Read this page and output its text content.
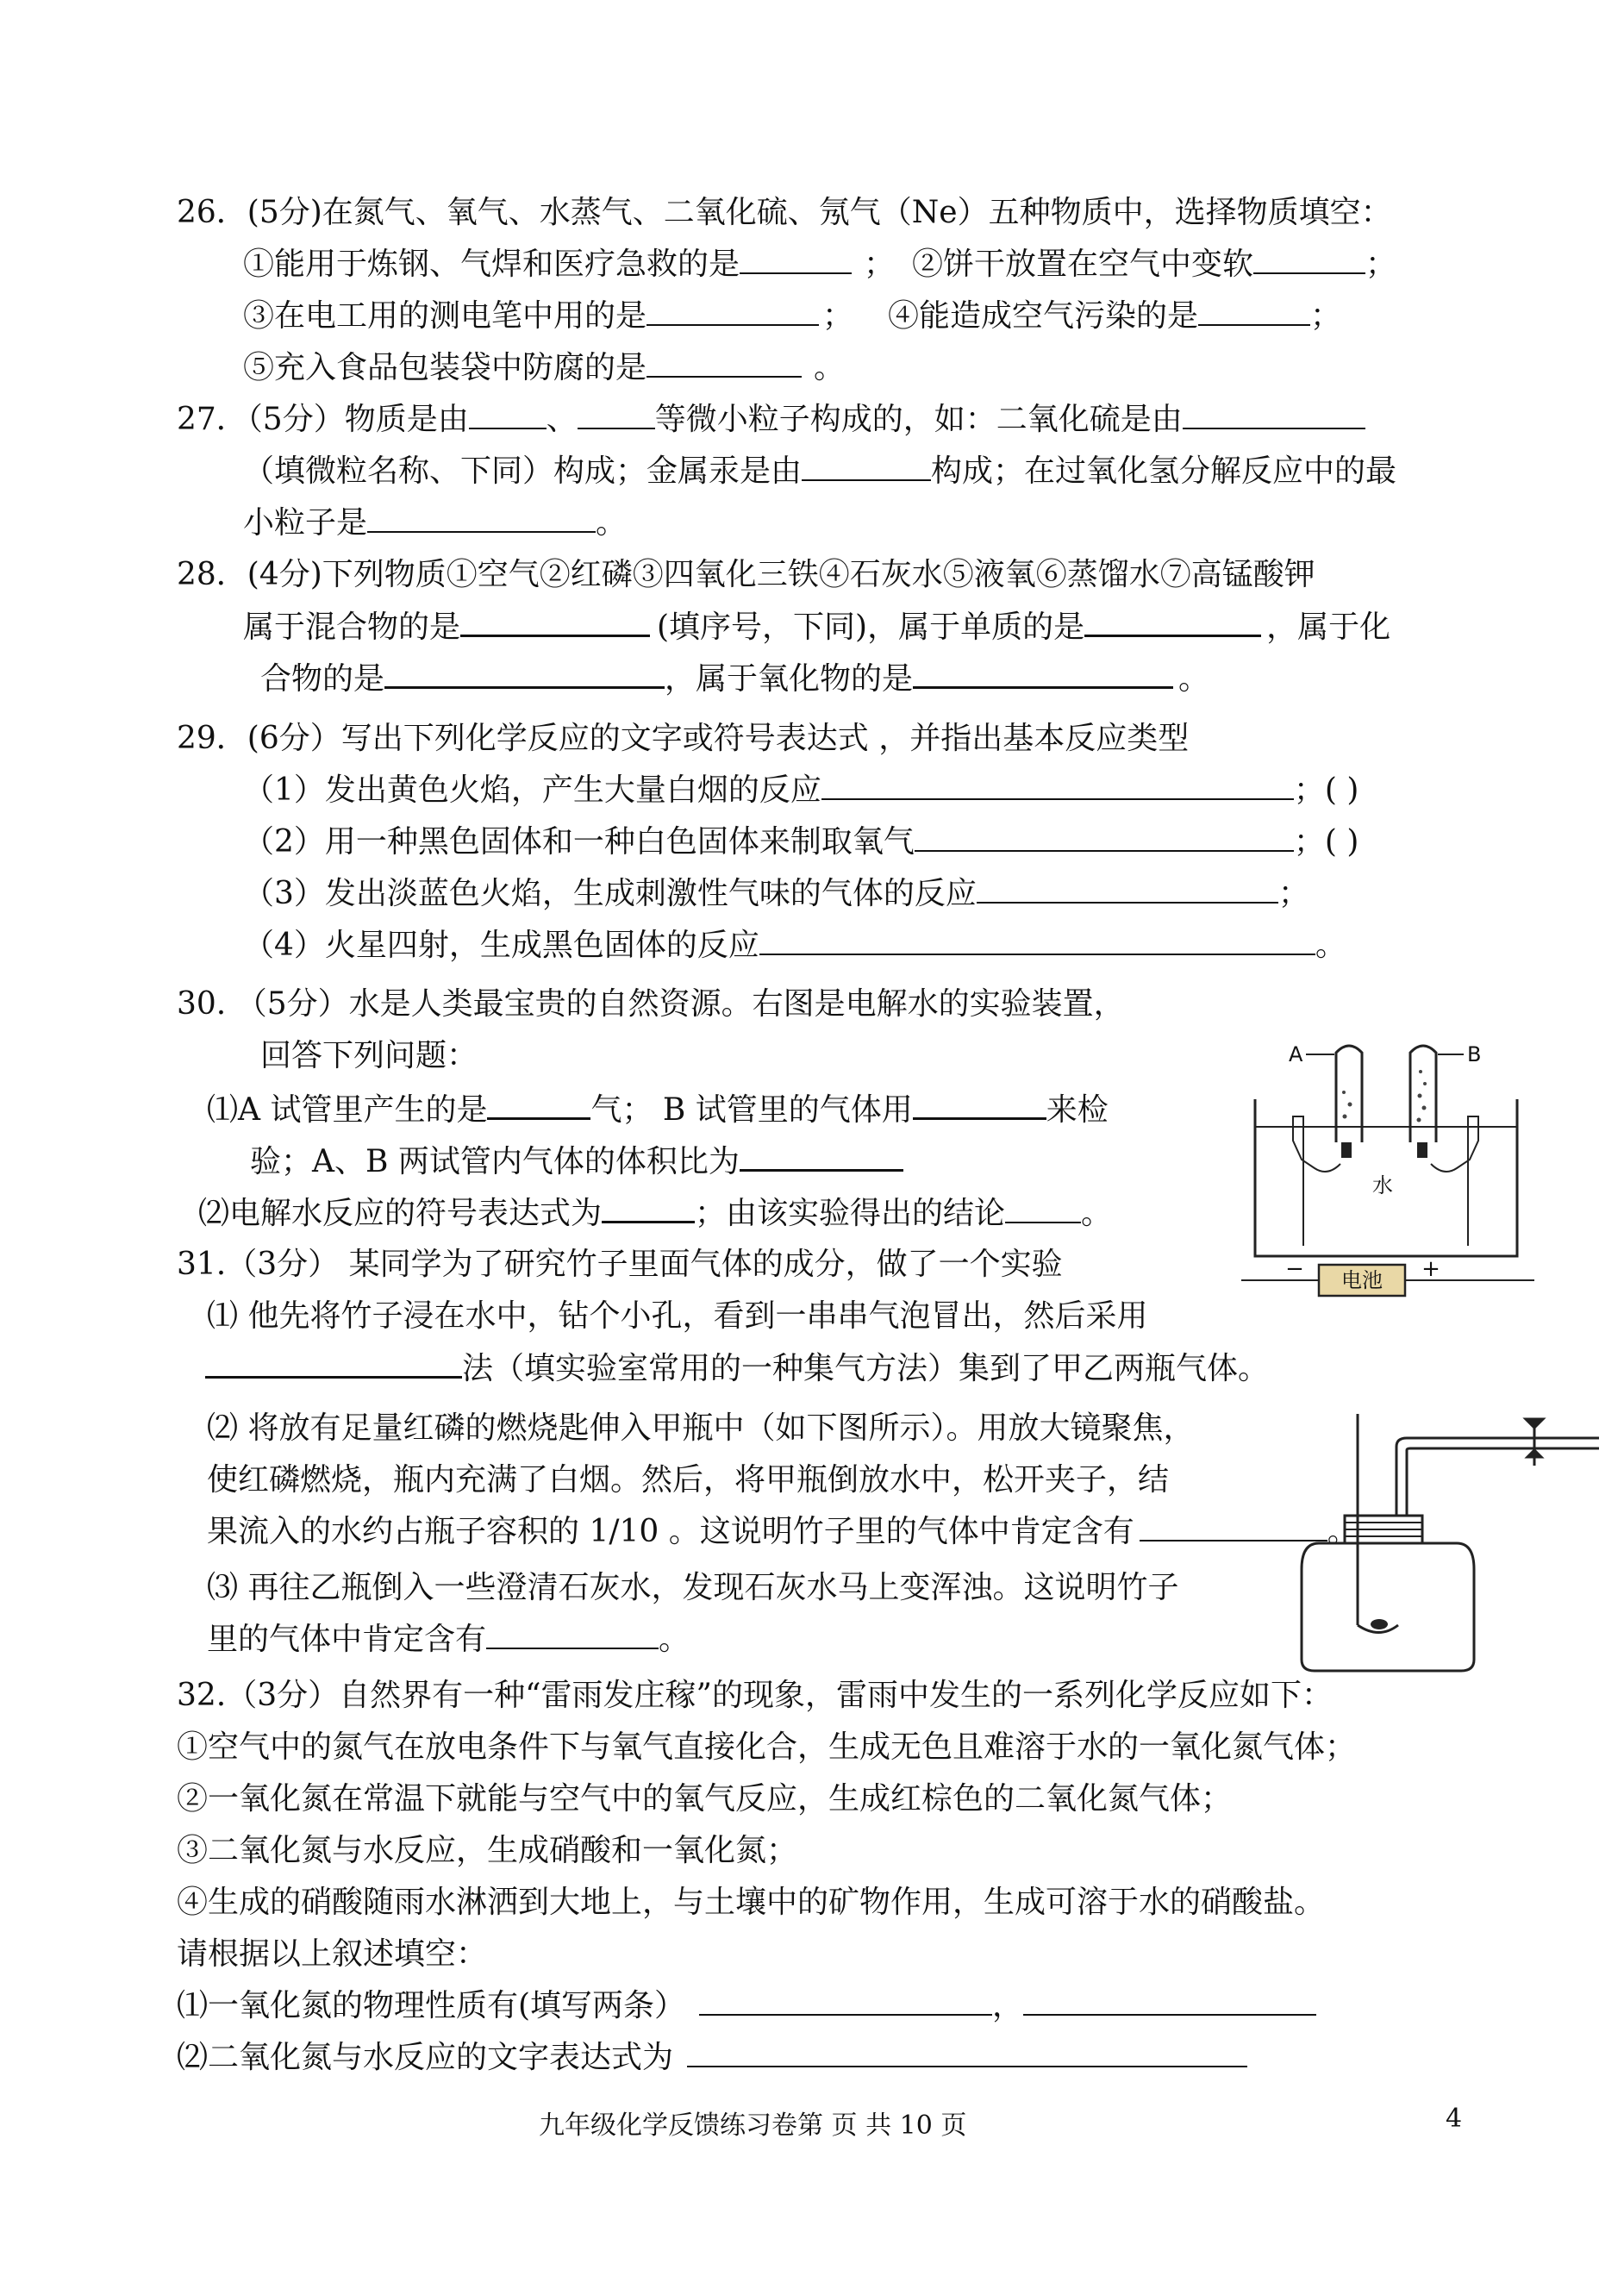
26．(5分)在氮气、氧气、水蒸气、二氧化硫、氖气（Ne）五种物质中，选择物质填空：
①能用于炼钢、气焊和医疗急救的是	； ②饼干放置在空气中变软	；
③在电工用的测电笔中用的是	； ④能造成空气污染的是	；
⑤充入食品包装袋中防腐的是	。
27．（5分）物质是由	、	等微小粒子构成的，如：二氧化硫是由
（填微粒名称、下同）构成；金属汞是由	构成；在过氧化氢分解反应中的最
小粒子是	。
28．(4分)下列物质①空气②红磷③四氧化三铁④石灰水⑤液氧⑥蒸馏水⑦高锰酸钾
属于混合物的是	(填序号，下同)，属于单质的是	，属于化
合物的是	，属于氧化物的是	。
29．(6分）写出下列化学反应的文字或符号表达式 ，并指出基本反应类型
（1）发出黄色火焰，产生大量白烟的反应	；( )
（2）用一种黑色固体和一种白色固体来制取氧气	；( )
（3）发出淡蓝色火焰，生成刺激性气味的气体的反应	；
（4）火星四射，生成黑色固体的反应	。
30. （5分）水是人类最宝贵的自然资源。右图是电解水的实验装置，
回答下列问题：
⑴A 试管里产生的是	气； B 试管里的气体用	来检
验；A、B 两试管内气体的体积比为
⑵电解水反应的符号表达式为	；由该实验得出的结论 。
电池
−	+
A	B
水
31.（3分） 某同学为了研究竹子里面气体的成分，做了一个实验
⑴ 他先将竹子浸在水中，钻个小孔，看到一串串气泡冒出，然后采用
法（填实验室常用的一种集气方法）集到了甲乙两瓶气体。
⑵ 将放有足量红磷的燃烧匙伸入甲瓶中（如下图所示）。用放大镜聚焦，
使红磷燃烧，瓶内充满了白烟。然后，将甲瓶倒放水中，松开夹子，结
果流入的水约占瓶子容积的 1/10 。这说明竹子里的气体中肯定含有	。
⑶ 再往乙瓶倒入一些澄清石灰水，发现石灰水马上变浑浊。这说明竹子
里的气体中肯定含有	。
32.（3分）自然界有一种“雷雨发庄稼”的现象，雷雨中发生的一系列化学反应如下：
①空气中的氮气在放电条件下与氧气直接化合，生成无色且难溶于水的一氧化氮气体；
②一氧化氮在常温下就能与空气中的氧气反应，生成红棕色的二氧化氮气体；
③二氧化氮与水反应，生成硝酸和一氧化氮；
④生成的硝酸随雨水淋洒到大地上，与土壤中的矿物作用，生成可溶于水的硝酸盐。
请根据以上叙述填空：
⑴一氧化氮的物理性质有(填写两条）	，
⑵二氧化氮与水反应的文字表达式为
九年级化学反馈练习卷第 页 共 10 页	4
